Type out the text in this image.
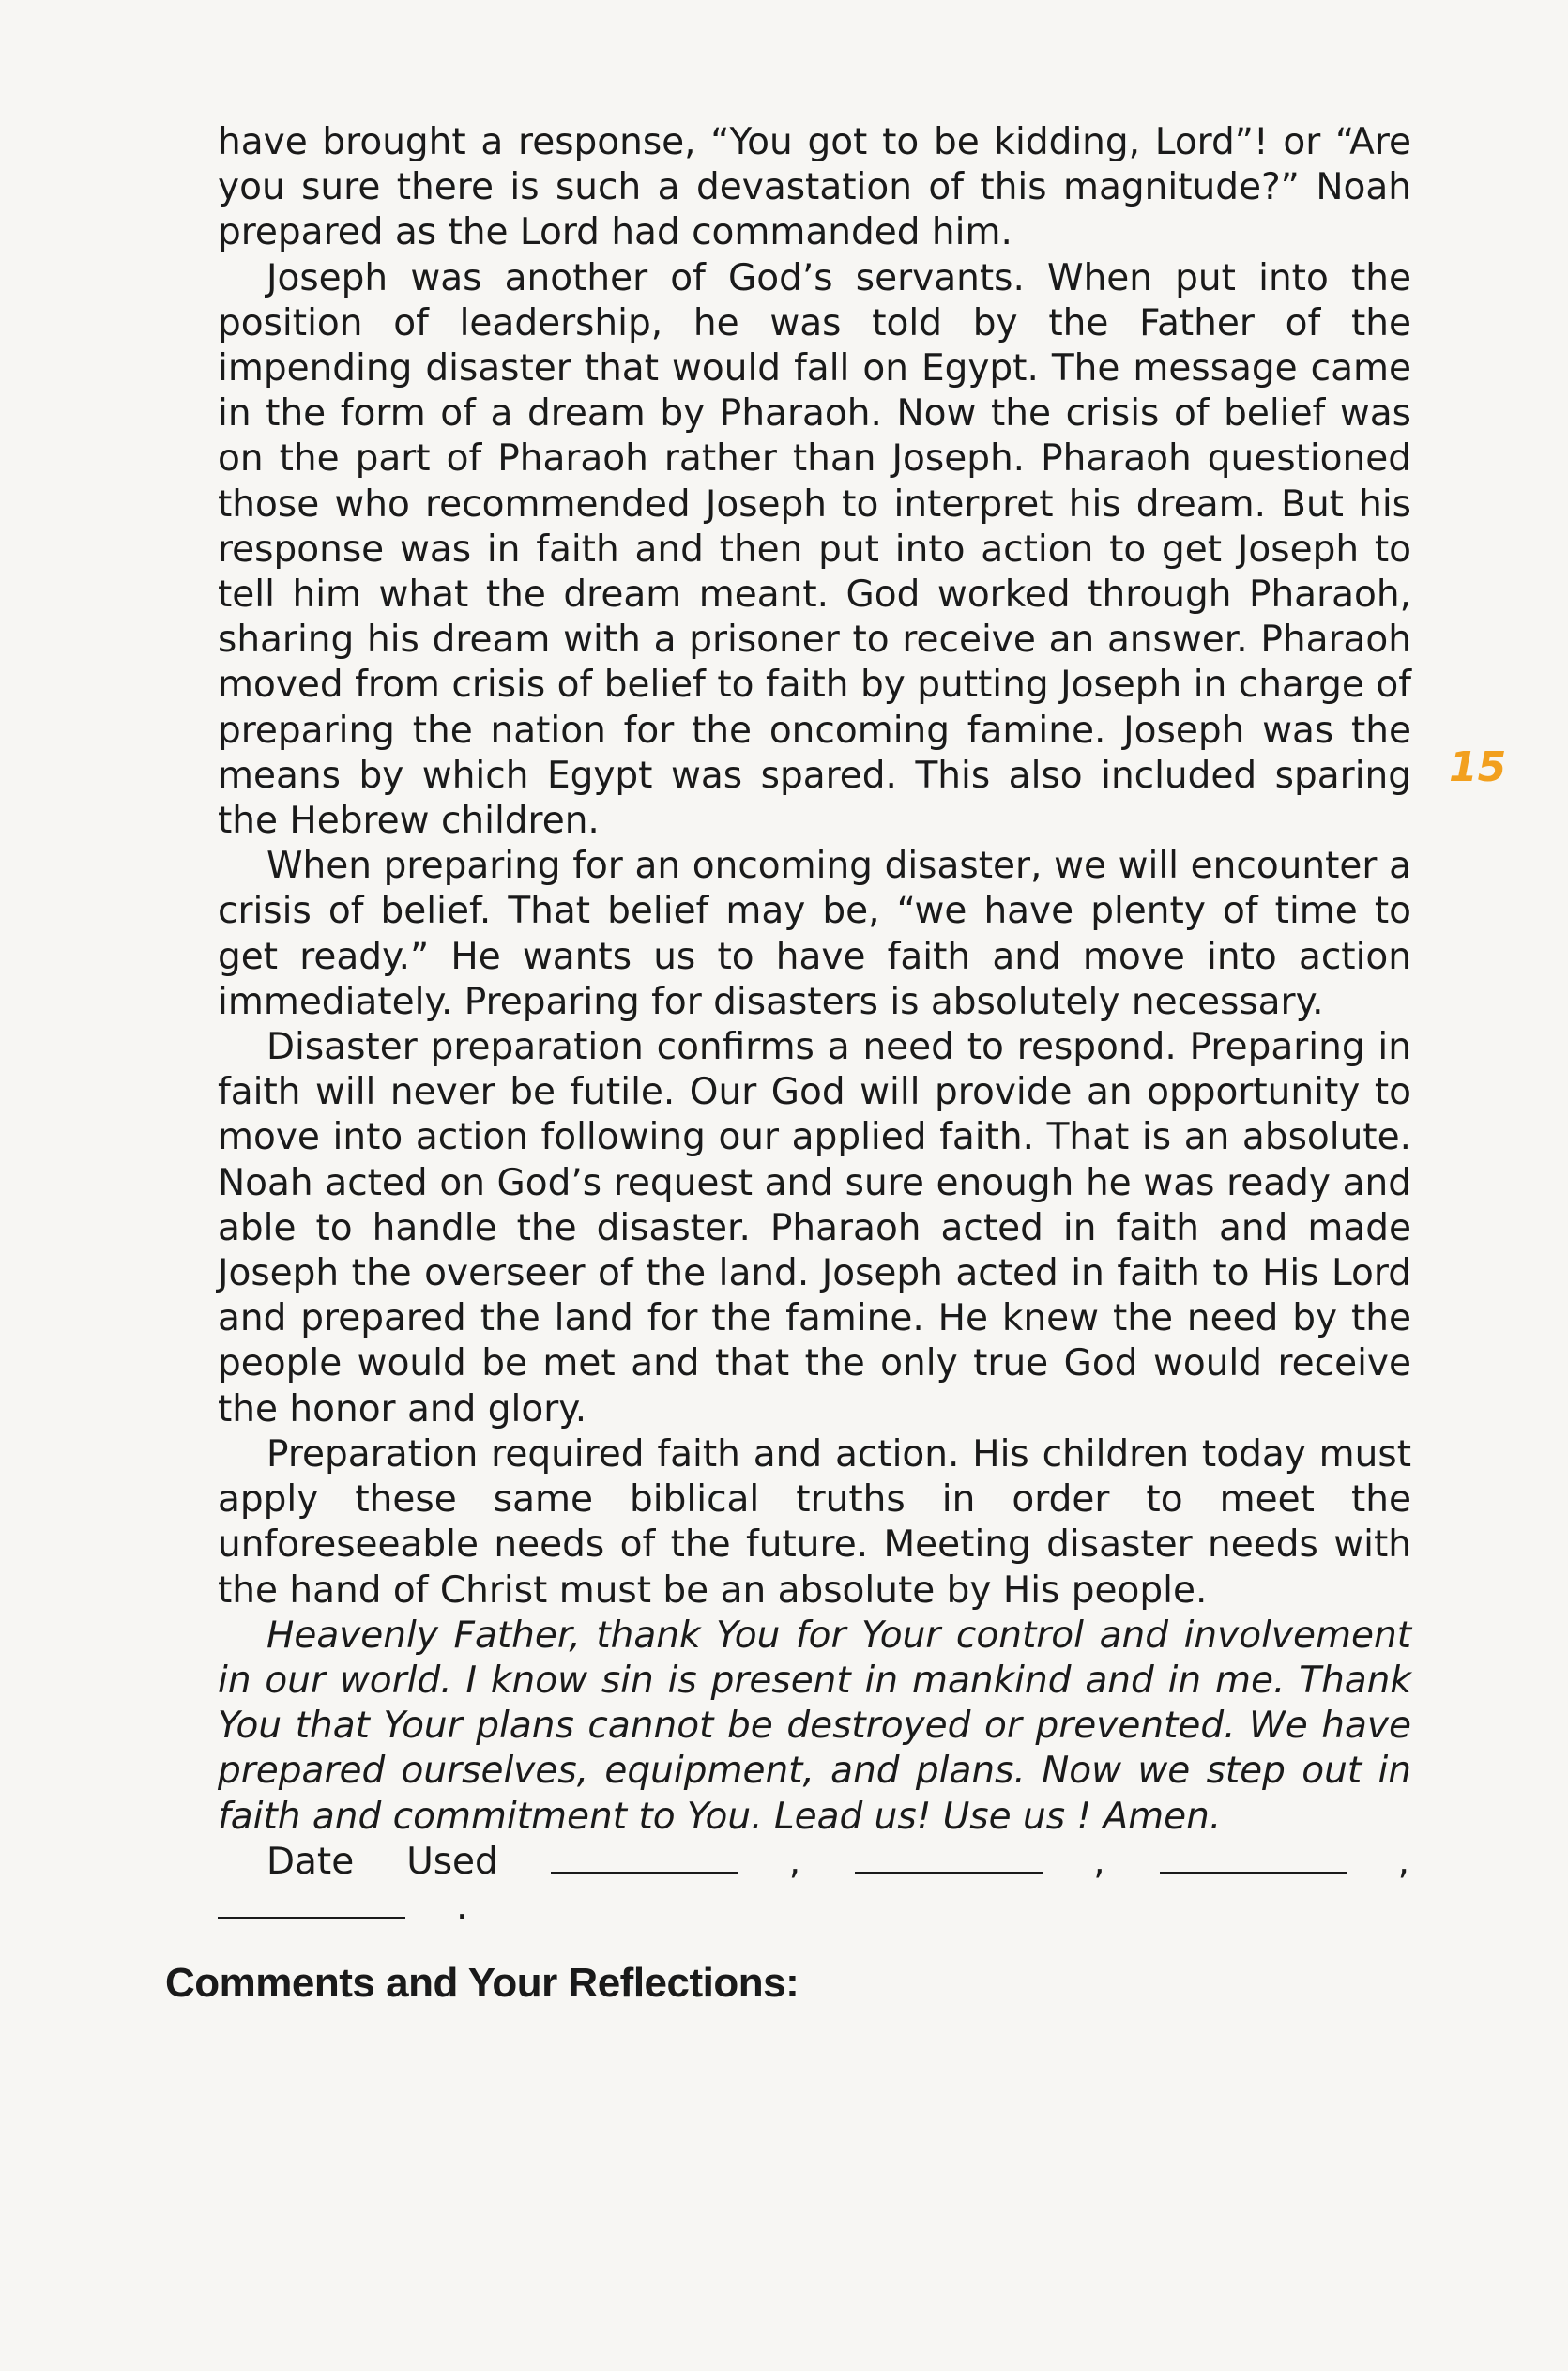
have brought a response, “You got to be kidding, Lord”! or “Are you sure there is such a devastation of this magnitude?” Noah prepared as the Lord had commanded him.

Joseph was another of God’s servants. When put into the position of leadership, he was told by the Father of the impending disaster that would fall on Egypt. The message came in the form of a dream by Pharaoh. Now the crisis of belief was on the part of Pharaoh rather than Joseph. Pharaoh questioned those who recommended Joseph to interpret his dream. But his response was in faith and then put into action to get Joseph to tell him what the dream meant. God worked through Pharaoh, sharing his dream with a prisoner to receive an answer. Pharaoh moved from crisis of belief to faith by putting Joseph in charge of preparing the nation for the oncoming famine. Joseph was the means by which Egypt was spared. This also included sparing the Hebrew children.

When preparing for an oncoming disaster, we will encounter a crisis of belief. That belief may be, “we have plenty of time to get ready.” He wants us to have faith and move into action immediately. Preparing for disasters is absolutely necessary.

Disaster preparation confirms a need to respond. Preparing in faith will never be futile. Our God will provide an opportunity to move into action following our applied faith. That is an absolute. Noah acted on God’s request and sure enough he was ready and able to handle the disaster. Pharaoh acted in faith and made Joseph the overseer of the land. Joseph acted in faith to His Lord and prepared the land for the famine. He knew the need by the people would be met and that the only true God would receive the honor and glory.

Preparation required faith and action. His children today must apply these same biblical truths in order to meet the unforeseeable needs of the future. Meeting disaster needs with the hand of Christ must be an absolute by His people.

Heavenly Father, thank You for Your control and involvement in our world. I know sin is present in mankind and in me. Thank You that Your plans cannot be destroyed or prevented. We have prepared ourselves, equipment, and plans. Now we step out in faith and commitment to You. Lead us! Use us ! Amen.

Date Used	,	,	, .

Comments and Your Reflections:
15
